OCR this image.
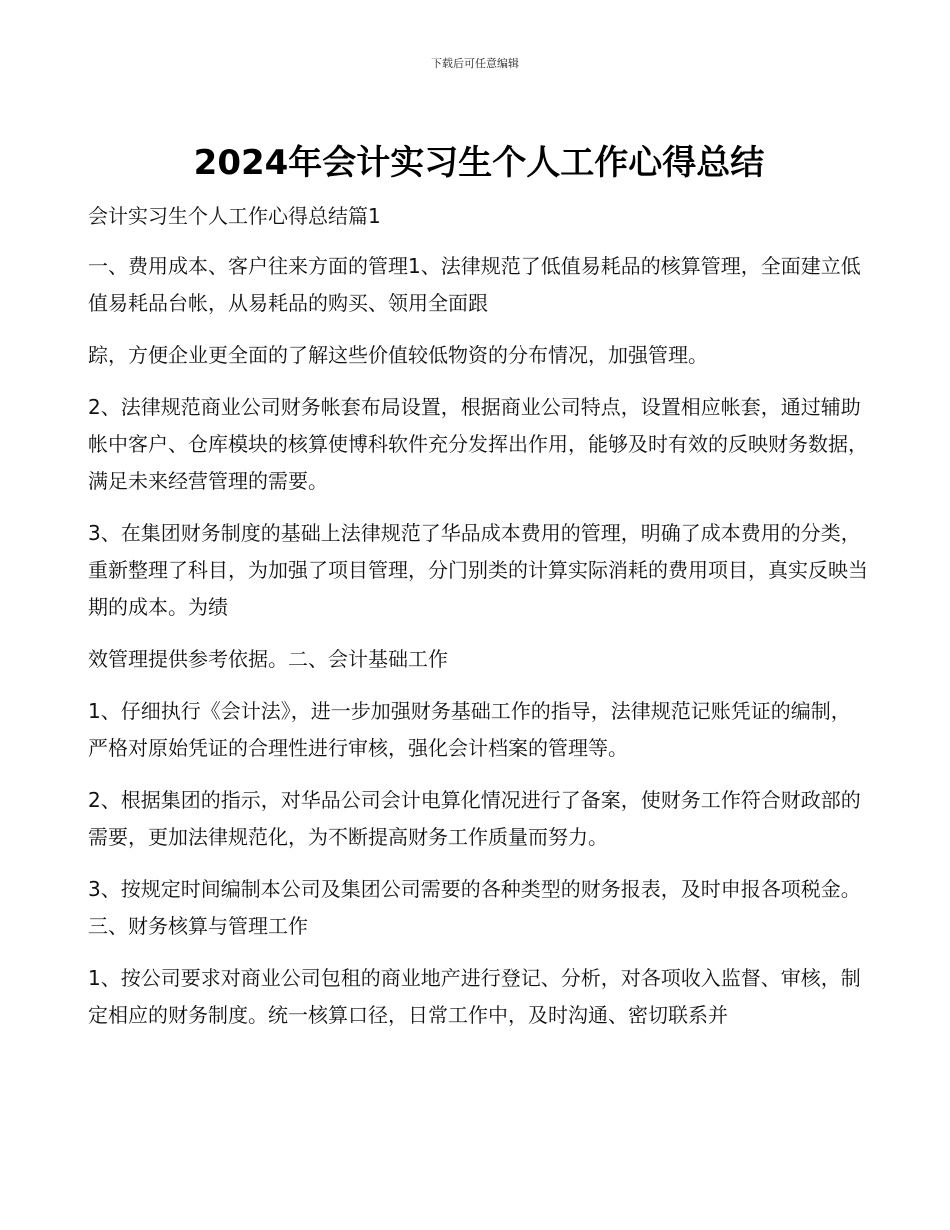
下载后可任意编辑
2024年会计实习生个人工作心得总结

会计实习生个人工作心得总结篇1

一、费用成本、客户往来方面的管理1、法律规范了低值易耗品的核算管理，全面建立低值易耗品台帐，从易耗品的购买、领用全面跟

踪，方便企业更全面的了解这些价值较低物资的分布情况，加强管理。

2、法律规范商业公司财务帐套布局设置，根据商业公司特点，设置相应帐套，通过辅助帐中客户、仓库模块的核算使博科软件充分发挥出作用，能够及时有效的反映财务数据，满足未来经营管理的需要。

3、在集团财务制度的基础上法律规范了华品成本费用的管理，明确了成本费用的分类，重新整理了科目，为加强了项目管理，分门别类的计算实际消耗的费用项目，真实反映当期的成本。为绩

效管理提供参考依据。二、会计基础工作

1、仔细执行《会计法》，进一步加强财务基础工作的指导，法律规范记账凭证的编制，严格对原始凭证的合理性进行审核，强化会计档案的管理等。

2、根据集团的指示，对华品公司会计电算化情况进行了备案，使财务工作符合财政部的需要，更加法律规范化，为不断提高财务工作质量而努力。

3、按规定时间编制本公司及集团公司需要的各种类型的财务报表，及时申报各项税金。三、财务核算与管理工作

1、按公司要求对商业公司包租的商业地产进行登记、分析，对各项收入监督、审核，制定相应的财务制度。统一核算口径，日常工作中，及时沟通、密切联系并
